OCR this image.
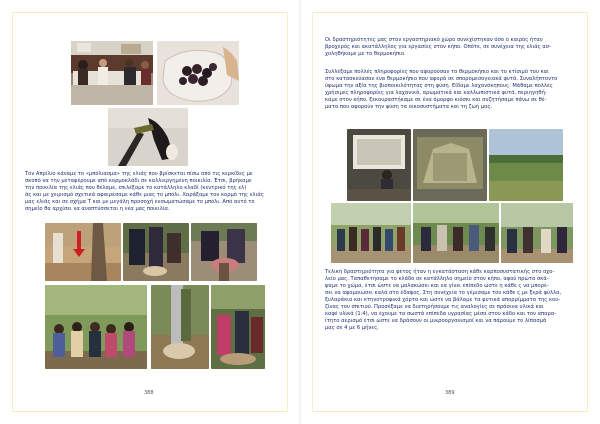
Τον Απρίλιο κάναμε το «μπόλιασμα» της ελιάς που βρίσκεται πίσω από τις κερκίδες με
σκοπό να την μεταφέρουμε από κορμοκλάδι σε καλλιεργημένη ποικιλία. Έτσι, βρήκαμε
την ποικιλία της ελιάς που θέλαμε, επιλέξαμε το κατάλληλο κλαδί (κεντρικό της ελ)
άς και με χειρισμό σχετικά αφαιρέσαμε κάθε μιας το μπόλι. Χαράξαμε τον κορμό της ελιάς
μας ελιάς και σε σχήμα Τ και με μεγάλη προσοχή ενσωματώσαμε το μπόλι. Από αυτό το
σημείο θα αρχίσει να αναπτύσσεται η νέα μας ποικιλία.

388

Οι δραστηριότητες μας στον εργαστηριακό χώρο συνεχίστηκαν όσο ο καιρός ήταν
βροχερός και ακατάλληλος για εργασίες στον κήπο. Οπότε, σε συνέχεια της ελιάς ασ-
χοληθήκαμε με το θερμοκήπιο.

Συλλέξαμε πολλές πληροφορίες που αφορούσαν το θερμοκήπιο και το κτίσιμό του και
στο κατασκεύασαν ένα θερμοκήπιο που αφορά σε σπορομεσογειακά φυτά. Συναλήπτοντο
ύψωμα την αξία της βιοποικιλότητας στη φύση. Είδαμε λαχανόκηπους. Μάθαμε πολλές
χρήσιμες πληροφορίες για λαχανικά, αρωματικά και καλλωπιστικά φυτά, περιηγηθή-
καμε στον κήπο, ξεκουραστήκαμε σε ένα όμορφο κιόσκι και συζητήσαμε πάνω σε θέ-
ματα που αφορούν την φύση τα οικοσυστήματα και τη ζωή μας.

Τελική δραστηριότητα για φέτος ήταν η εγκατάσταση κάθε καρποσυστατικής στο σχο-
λείο μας. Ταπαθετήσαμε το κλάδο σε κατάλληλο σημείο στον κήπο, αφού πρώτα σκά-
ψαμε το χώμα, έτσι ώστε να μαλακώσει και να γίνει επίπεδο ώστε η κάθε ς να μπορέ-
σει να αφομοιώσει καλά στο έδαφος. Στη συνέχεια το γέμισαμε του κάθε ς με ξερά φύλλα,
ξυλαράκια και κτηνοτροφικά χόρτα και ώστε να βάλαμε τα φυτικά απορρίμματα της κου-
ζίνας του σπιτιού. Προσέξαμε να διατηρήσουμε τις αναλογίες σε πράσινα υλικά και
καφέ υλικά (1:4), να έχουμε τα σωστά επίπεδα υγρασίας μέσα στον κάδο και τον απαρα-
ίτητο αερισμό έτσι ώστε να δράσουν οι μικροοργανισμοί και να πάρουμε το λίπασμά
μας σε 4 με 6 μήνες.

389
